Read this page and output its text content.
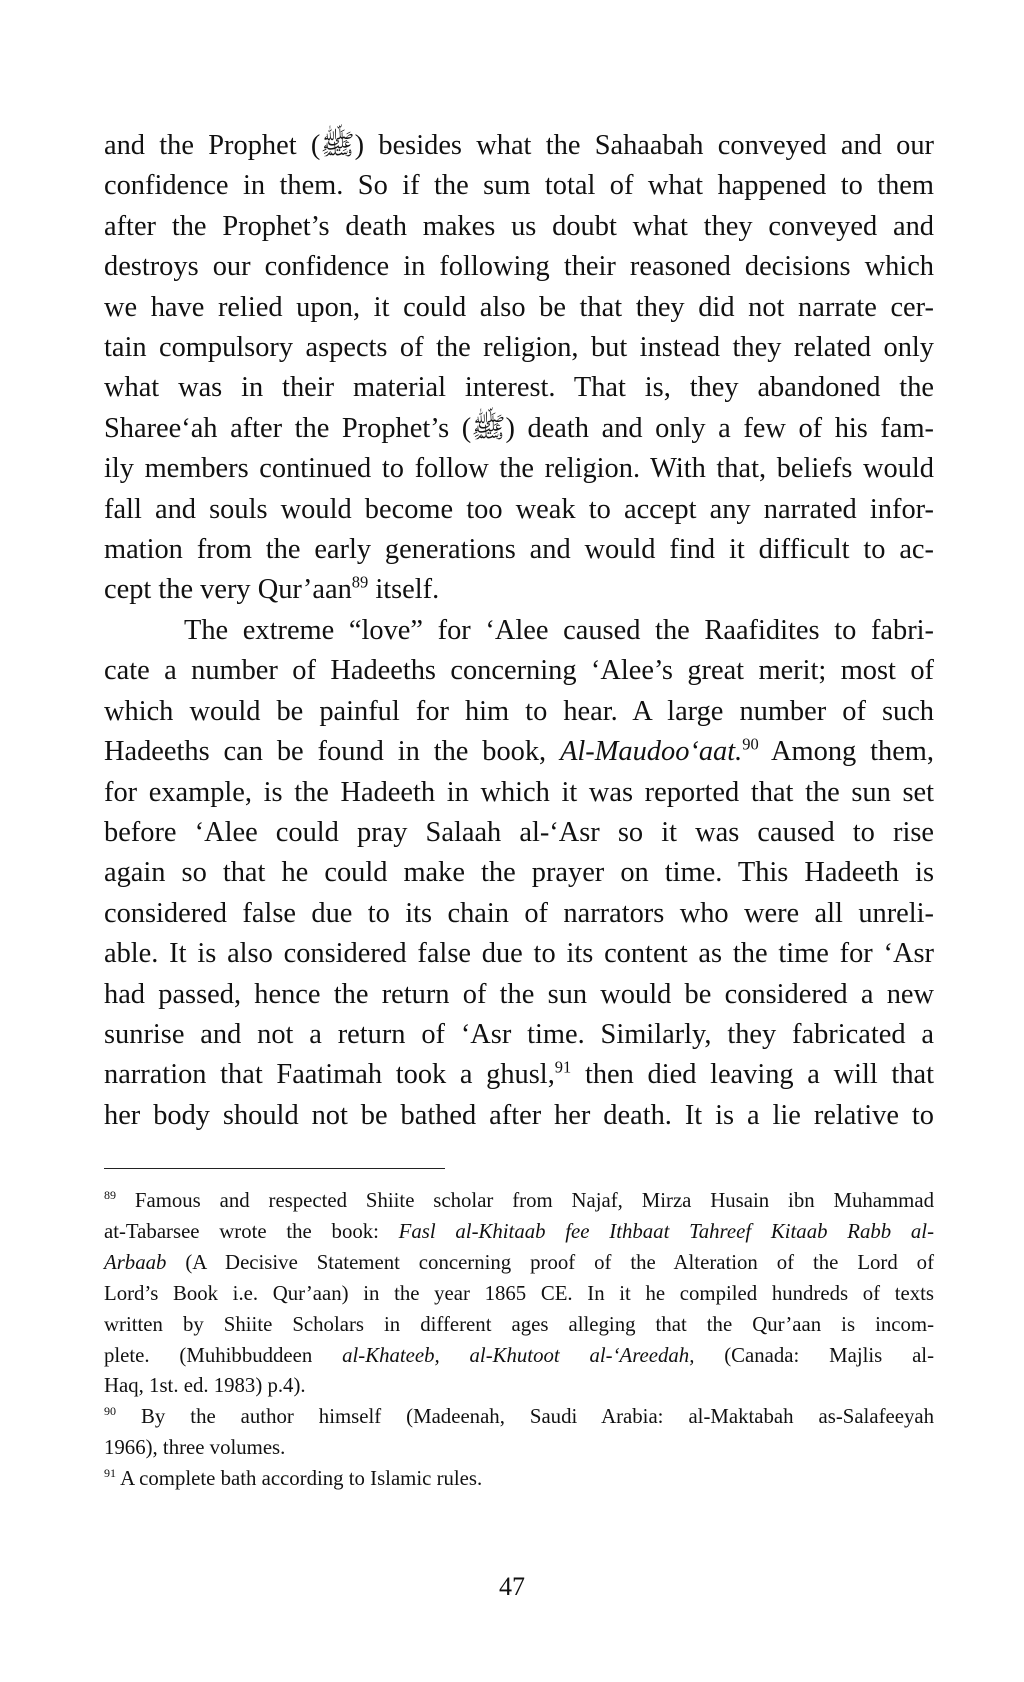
and the Prophet (ﷺ) besides what the Sahaabah conveyed and our
confidence in them. So if the sum total of what happened to them
after the Prophet’s death makes us doubt what they conveyed and
destroys our confidence in following their reasoned decisions which
we have relied upon, it could also be that they did not narrate cer-
tain compulsory aspects of the religion, but instead they related only
what was in their material interest. That is, they abandoned the
Sharee‘ah after the Prophet’s (ﷺ) death and only a few of his fam-
ily members continued to follow the religion. With that, beliefs would
fall and souls would become too weak to accept any narrated infor-
mation from the early generations and would find it difficult to ac-
cept the very Qur’aan$^{89}$ itself.
The extreme “love” for ‘Alee caused the Raafidites to fabri-
cate a number of Hadeeths concerning ‘Alee’s great merit; most of
which would be painful for him to hear. A large number of such
Hadeeths can be found in the book, Al-Maudoo‘aat.$^{90}$ Among them,
for example, is the Hadeeth in which it was reported that the sun set
before ‘Alee could pray Salaah al-‘Asr so it was caused to rise
again so that he could make the prayer on time. This Hadeeth is
considered false due to its chain of narrators who were all unreli-
able. It is also considered false due to its content as the time for ‘Asr
had passed, hence the return of the sun would be considered a new
sunrise and not a return of ‘Asr time. Similarly, they fabricated a
narration that Faatimah took a ghusl,$^{91}$ then died leaving a will that
her body should not be bathed after her death. It is a lie relative to
$^{89}$ Famous and respected Shiite scholar from Najaf, Mirza Husain ibn Muhammad
at-Tabarsee wrote the book: Fasl al-Khitaab fee Ithbaat Tahreef Kitaab Rabb al-
Arbaab (A Decisive Statement concerning proof of the Alteration of the Lord of
Lord’s Book i.e. Qur’aan) in the year 1865 CE. In it he compiled hundreds of texts
written by Shiite Scholars in different ages alleging that the Qur’aan is incom-
plete. (Muhibbuddeen al-Khateeb, al-Khutoot al-‘Areedah, (Canada: Majlis al-
Haq, 1st. ed. 1983) p.4).
$^{90}$ By the author himself (Madeenah, Saudi Arabia: al-Maktabah as-Salafeeyah
1966), three volumes.
$^{91}$ A complete bath according to Islamic rules.
47
